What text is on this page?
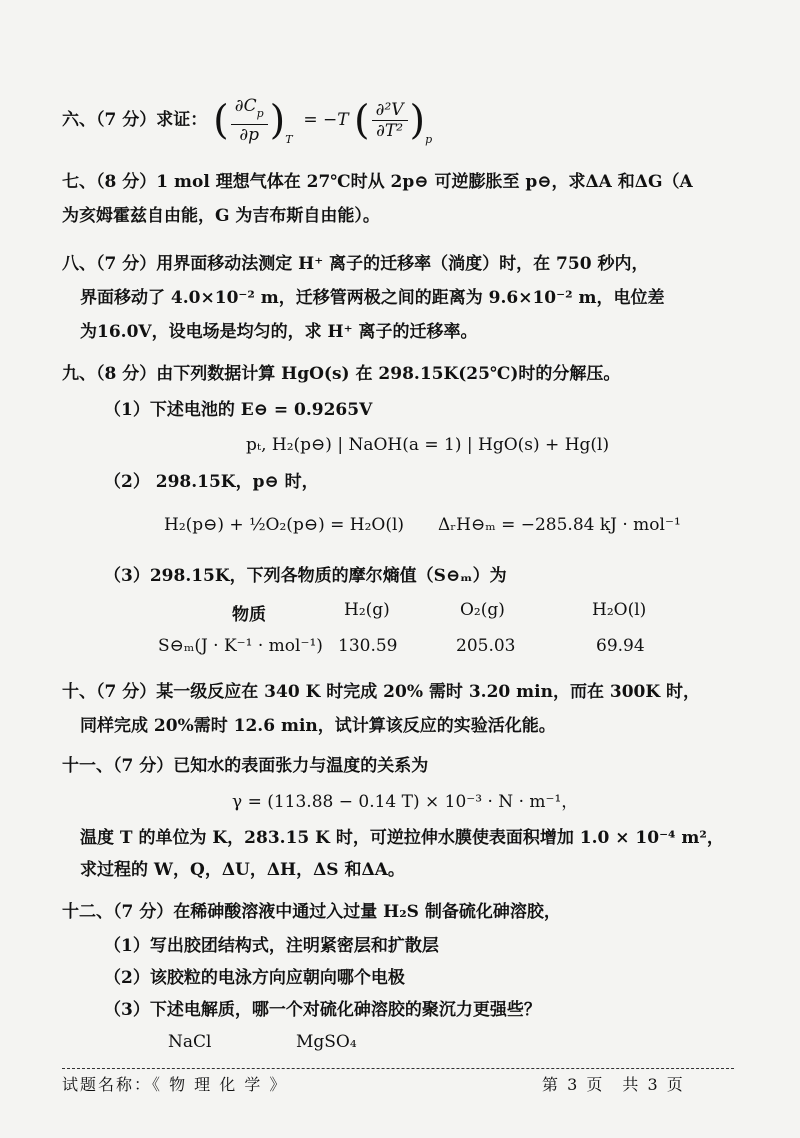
六、（7 分）求证： ( $\frac{\partial C_p}{\partial p} )_T = -T$ ( $\frac{\text{∂²V}}{\text{∂T²}} )_p$
七、（8 分）1 mol 理想气体在 27℃时从 2p⊖ 可逆膨胀至 p⊖，求ΔA 和ΔG（A
为亥姆霍兹自由能，G 为吉布斯自由能）。
八、（7 分）用界面移动法测定 H⁺ 离子的迁移率（淌度）时，在 750 秒内，
界面移动了 4.0×10⁻² m，迁移管两极之间的距离为 9.6×10⁻² m，电位差
为16.0V，设电场是均匀的，求 H⁺ 离子的迁移率。
九、（8 分）由下列数据计算 HgO(s) 在 298.15K(25℃)时的分解压。
（1）下述电池的 E⊖ = 0.9265V
pₜ, H₂(p⊖) | NaOH(a = 1) | HgO(s) + Hg(l)
（2） 298.15K，p⊖ 时，
H₂(p⊖) + ½O₂(p⊖) = H₂O(l) ΔᵣH⊖ₘ = −285.84 kJ · mol⁻¹
（3）298.15K，下列各物质的摩尔熵值（S⊖ₘ）为
物质	H₂(g)	O₂(g)	H₂O(l)
S⊖ₘ(J · K⁻¹ · mol⁻¹) 130.59	205.03	69.94
十、（7 分）某一级反应在 340 K 时完成 20% 需时 3.20 min，而在 300K 时，
同样完成 20%需时 12.6 min，试计算该反应的实验活化能。
十一、（7 分）已知水的表面张力与温度的关系为
γ = (113.88 − 0.14 T) × 10⁻³ · N · m⁻¹，
温度 T 的单位为 K，283.15 K 时，可逆拉伸水膜使表面积增加 1.0 × 10⁻⁴ m²，
求过程的 W，Q，ΔU，ΔH，ΔS 和ΔA。
十二、（7 分）在稀砷酸溶液中通过入过量 H₂S 制备硫化砷溶胶，
（1）写出胶团结构式，注明紧密层和扩散层
（2）该胶粒的电泳方向应朝向哪个电极
（3）下述电解质，哪一个对硫化砷溶胶的聚沉力更强些？
NaCl	MgSO₄
试题名称：《 物 理 化 学 》	第 3 页　共 3 页
